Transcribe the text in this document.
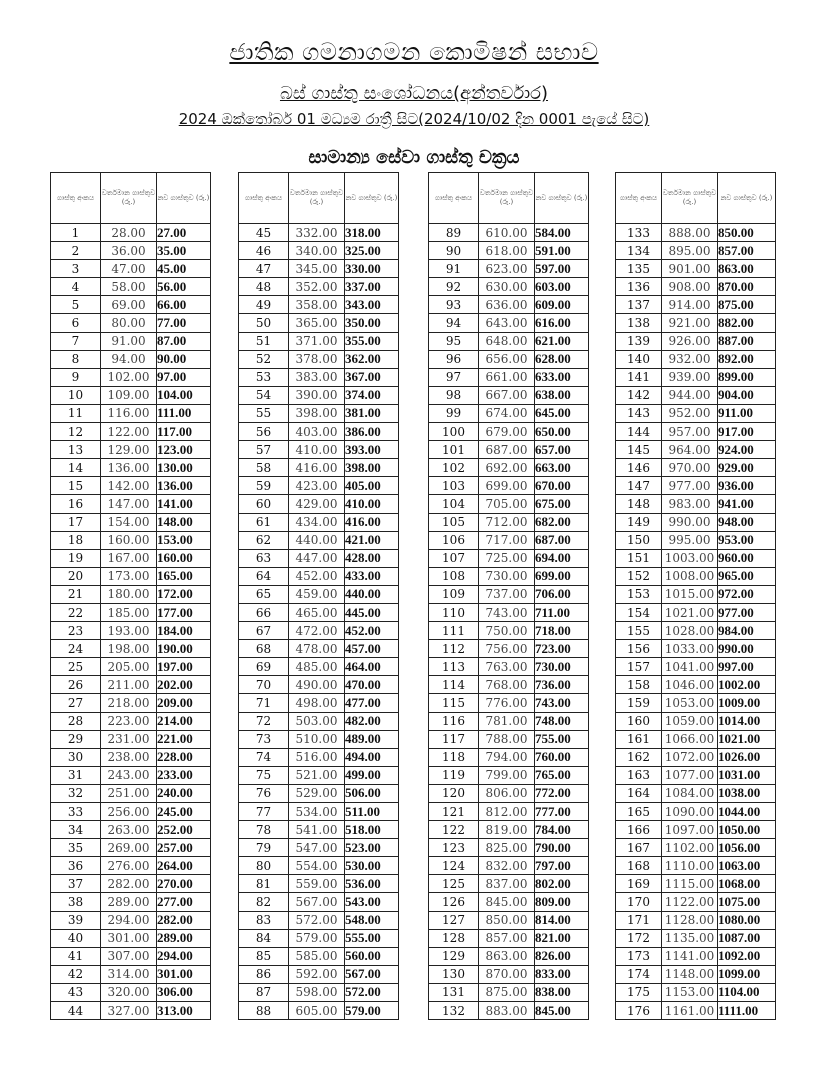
ජාතික ගමනාගමන කොමිෂන් සභාව
බස් ගාස්තු සංශෝධනය(අන්තර්වාර)
2024 ඔක්තෝබර් 01 මධ්‍යම රාත්‍රී සිට(2024/10/02 දින 0001 පැයේ සිට)
සාමාන්‍ය සේවා ගාස්තු චක්‍රය
ගාස්තු අංකය	වර්තමාන ගාස්තුව (රු.)	නව ගාස්තුව (රු.)
1	28.00	27.00
2	36.00	35.00
3	47.00	45.00
4	58.00	56.00
5	69.00	66.00
6	80.00	77.00
7	91.00	87.00
8	94.00	90.00
9	102.00	97.00
10	109.00	104.00
11	116.00	111.00
12	122.00	117.00
13	129.00	123.00
14	136.00	130.00
15	142.00	136.00
16	147.00	141.00
17	154.00	148.00
18	160.00	153.00
19	167.00	160.00
20	173.00	165.00
21	180.00	172.00
22	185.00	177.00
23	193.00	184.00
24	198.00	190.00
25	205.00	197.00
26	211.00	202.00
27	218.00	209.00
28	223.00	214.00
29	231.00	221.00
30	238.00	228.00
31	243.00	233.00
32	251.00	240.00
33	256.00	245.00
34	263.00	252.00
35	269.00	257.00
36	276.00	264.00
37	282.00	270.00
38	289.00	277.00
39	294.00	282.00
40	301.00	289.00
41	307.00	294.00
42	314.00	301.00
43	320.00	306.00
44	327.00	313.00
ගාස්තු අංකය	වර්තමාන ගාස්තුව (රු.)	නව ගාස්තුව (රු.)
45	332.00	318.00
46	340.00	325.00
47	345.00	330.00
48	352.00	337.00
49	358.00	343.00
50	365.00	350.00
51	371.00	355.00
52	378.00	362.00
53	383.00	367.00
54	390.00	374.00
55	398.00	381.00
56	403.00	386.00
57	410.00	393.00
58	416.00	398.00
59	423.00	405.00
60	429.00	410.00
61	434.00	416.00
62	440.00	421.00
63	447.00	428.00
64	452.00	433.00
65	459.00	440.00
66	465.00	445.00
67	472.00	452.00
68	478.00	457.00
69	485.00	464.00
70	490.00	470.00
71	498.00	477.00
72	503.00	482.00
73	510.00	489.00
74	516.00	494.00
75	521.00	499.00
76	529.00	506.00
77	534.00	511.00
78	541.00	518.00
79	547.00	523.00
80	554.00	530.00
81	559.00	536.00
82	567.00	543.00
83	572.00	548.00
84	579.00	555.00
85	585.00	560.00
86	592.00	567.00
87	598.00	572.00
88	605.00	579.00
ගාස්තු අංකය	වර්තමාන ගාස්තුව (රු.)	නව ගාස්තුව (රු.)
89	610.00	584.00
90	618.00	591.00
91	623.00	597.00
92	630.00	603.00
93	636.00	609.00
94	643.00	616.00
95	648.00	621.00
96	656.00	628.00
97	661.00	633.00
98	667.00	638.00
99	674.00	645.00
100	679.00	650.00
101	687.00	657.00
102	692.00	663.00
103	699.00	670.00
104	705.00	675.00
105	712.00	682.00
106	717.00	687.00
107	725.00	694.00
108	730.00	699.00
109	737.00	706.00
110	743.00	711.00
111	750.00	718.00
112	756.00	723.00
113	763.00	730.00
114	768.00	736.00
115	776.00	743.00
116	781.00	748.00
117	788.00	755.00
118	794.00	760.00
119	799.00	765.00
120	806.00	772.00
121	812.00	777.00
122	819.00	784.00
123	825.00	790.00
124	832.00	797.00
125	837.00	802.00
126	845.00	809.00
127	850.00	814.00
128	857.00	821.00
129	863.00	826.00
130	870.00	833.00
131	875.00	838.00
132	883.00	845.00
ගාස්තු අංකය	වර්තමාන ගාස්තුව (රු.)	නව ගාස්තුව (රු.)
133	888.00	850.00
134	895.00	857.00
135	901.00	863.00
136	908.00	870.00
137	914.00	875.00
138	921.00	882.00
139	926.00	887.00
140	932.00	892.00
141	939.00	899.00
142	944.00	904.00
143	952.00	911.00
144	957.00	917.00
145	964.00	924.00
146	970.00	929.00
147	977.00	936.00
148	983.00	941.00
149	990.00	948.00
150	995.00	953.00
151	1003.00	960.00
152	1008.00	965.00
153	1015.00	972.00
154	1021.00	977.00
155	1028.00	984.00
156	1033.00	990.00
157	1041.00	997.00
158	1046.00	1002.00
159	1053.00	1009.00
160	1059.00	1014.00
161	1066.00	1021.00
162	1072.00	1026.00
163	1077.00	1031.00
164	1084.00	1038.00
165	1090.00	1044.00
166	1097.00	1050.00
167	1102.00	1056.00
168	1110.00	1063.00
169	1115.00	1068.00
170	1122.00	1075.00
171	1128.00	1080.00
172	1135.00	1087.00
173	1141.00	1092.00
174	1148.00	1099.00
175	1153.00	1104.00
176	1161.00	1111.00
